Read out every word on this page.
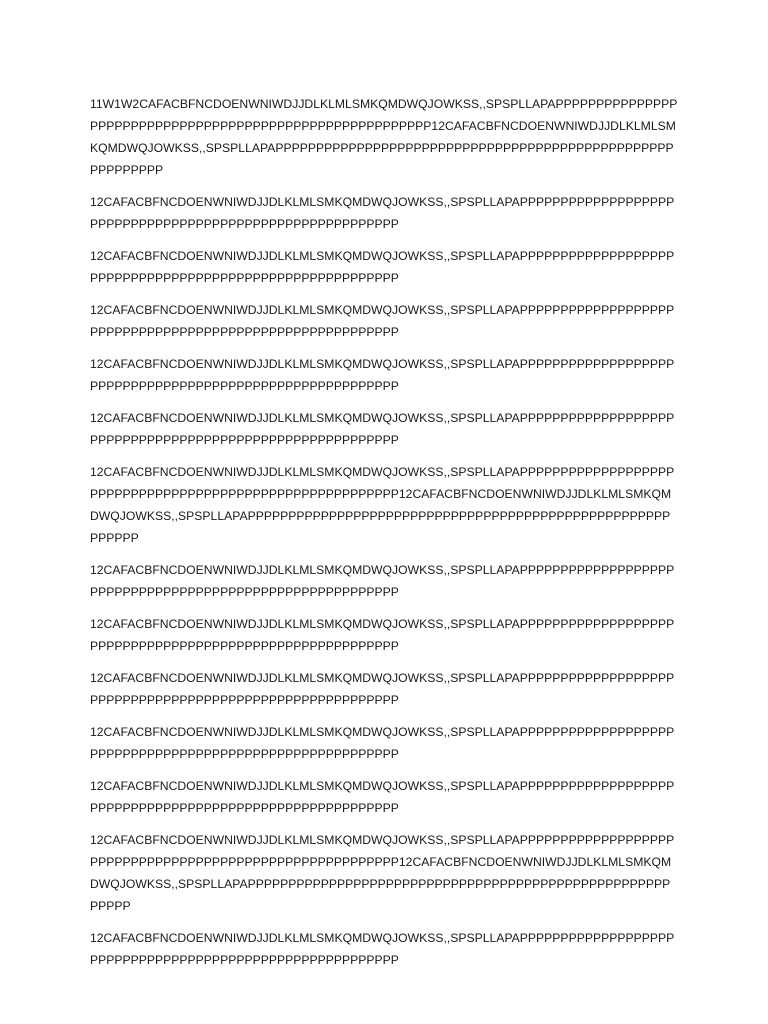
11W1W2CAFACBFNCDOENWNIWDJJDLKLMLSMKQMDWQJOWKSS,,SPSPLLAPAPPPPPPPPPPPPPPPPPPPPPPPPPPPPPPPPPPPPPPPPPPPPPPPPPPPPPPPPP12CAFACBFNCDOENWNIWDJJDLKLMLSMKQMDWQJOWKSS,,SPSPLLAPAPPPPPPPPPPPPPPPPPPPPPPPPPPPPPPPPPPPPPPPPPPPPPPPPPPPPPPPPPP

12CAFACBFNCDOENWNIWDJJDLKLMLSMKQMDWQJOWKSS,,SPSPLLAPAPPPPPPPPPPPPPPPPPPPPPPPPPPPPPPPPPPPPPPPPPPPPPPPPPPPPPPPPP

12CAFACBFNCDOENWNIWDJJDLKLMLSMKQMDWQJOWKSS,,SPSPLLAPAPPPPPPPPPPPPPPPPPPPPPPPPPPPPPPPPPPPPPPPPPPPPPPPPPPPPPPPPP

12CAFACBFNCDOENWNIWDJJDLKLMLSMKQMDWQJOWKSS,,SPSPLLAPAPPPPPPPPPPPPPPPPPPPPPPPPPPPPPPPPPPPPPPPPPPPPPPPPPPPPPPPPP

12CAFACBFNCDOENWNIWDJJDLKLMLSMKQMDWQJOWKSS,,SPSPLLAPAPPPPPPPPPPPPPPPPPPPPPPPPPPPPPPPPPPPPPPPPPPPPPPPPPPPPPPPPP

12CAFACBFNCDOENWNIWDJJDLKLMLSMKQMDWQJOWKSS,,SPSPLLAPAPPPPPPPPPPPPPPPPPPPPPPPPPPPPPPPPPPPPPPPPPPPPPPPPPPPPPPPPP

12CAFACBFNCDOENWNIWDJJDLKLMLSMKQMDWQJOWKSS,,SPSPLLAPAPPPPPPPPPPPPPPPPPPPPPPPPPPPPPPPPPPPPPPPPPPPPPPPPPPPPPPPPP12CAFACBFNCDOENWNIWDJJDLKLMLSMKQMDWQJOWKSS,,SPSPLLAPAPPPPPPPPPPPPPPPPPPPPPPPPPPPPPPPPPPPPPPPPPPPPPPPPPPPPPPPPPP

12CAFACBFNCDOENWNIWDJJDLKLMLSMKQMDWQJOWKSS,,SPSPLLAPAPPPPPPPPPPPPPPPPPPPPPPPPPPPPPPPPPPPPPPPPPPPPPPPPPPPPPPPPP

12CAFACBFNCDOENWNIWDJJDLKLMLSMKQMDWQJOWKSS,,SPSPLLAPAPPPPPPPPPPPPPPPPPPPPPPPPPPPPPPPPPPPPPPPPPPPPPPPPPPPPPPPPP

12CAFACBFNCDOENWNIWDJJDLKLMLSMKQMDWQJOWKSS,,SPSPLLAPAPPPPPPPPPPPPPPPPPPPPPPPPPPPPPPPPPPPPPPPPPPPPPPPPPPPPPPPPP

12CAFACBFNCDOENWNIWDJJDLKLMLSMKQMDWQJOWKSS,,SPSPLLAPAPPPPPPPPPPPPPPPPPPPPPPPPPPPPPPPPPPPPPPPPPPPPPPPPPPPPPPPPP

12CAFACBFNCDOENWNIWDJJDLKLMLSMKQMDWQJOWKSS,,SPSPLLAPAPPPPPPPPPPPPPPPPPPPPPPPPPPPPPPPPPPPPPPPPPPPPPPPPPPPPPPPPP

12CAFACBFNCDOENWNIWDJJDLKLMLSMKQMDWQJOWKSS,,SPSPLLAPAPPPPPPPPPPPPPPPPPPPPPPPPPPPPPPPPPPPPPPPPPPPPPPPPPPPPPPPPP12CAFACBFNCDOENWNIWDJJDLKLMLSMKQMDWQJOWKSS,,SPSPLLAPAPPPPPPPPPPPPPPPPPPPPPPPPPPPPPPPPPPPPPPPPPPPPPPPPPPPPPPPPP

12CAFACBFNCDOENWNIWDJJDLKLMLSMKQMDWQJOWKSS,,SPSPLLAPAPPPPPPPPPPPPPPPPPPPPPPPPPPPPPPPPPPPPPPPPPPPPPPPPPPPPPPPPP
